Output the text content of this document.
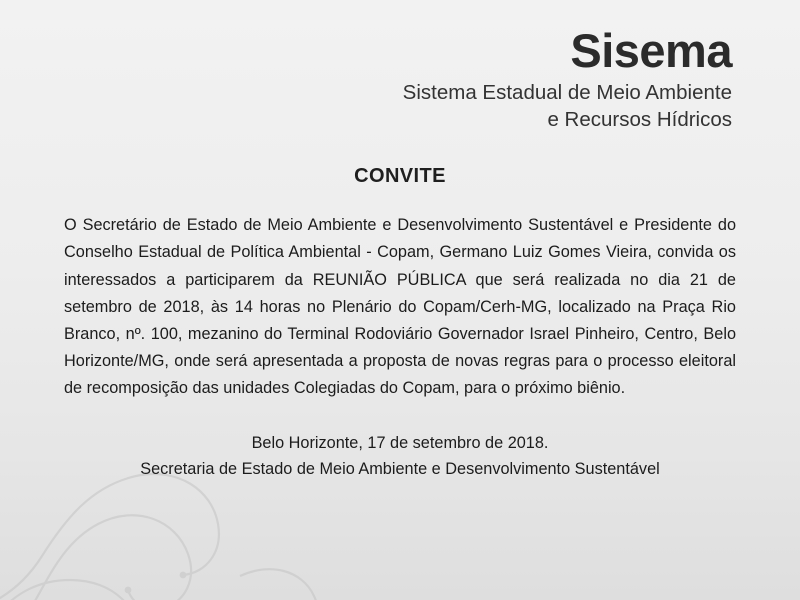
Sisema
Sistema Estadual de Meio Ambiente
e Recursos Hídricos
CONVITE
O Secretário de Estado de Meio Ambiente e Desenvolvimento Sustentável e Presidente do Conselho Estadual de Política Ambiental - Copam, Germano Luiz Gomes Vieira, convida os interessados a participarem da REUNIÃO PÚBLICA que será realizada no dia 21 de setembro de 2018, às 14 horas no Plenário do Copam/Cerh-MG, localizado na Praça Rio Branco, nº. 100, mezanino do Terminal Rodoviário Governador Israel Pinheiro, Centro, Belo Horizonte/MG, onde será apresentada a proposta de novas regras para o processo eleitoral de recomposição das unidades Colegiadas do Copam, para o próximo biênio.
Belo Horizonte, 17 de setembro de 2018.
Secretaria de Estado de Meio Ambiente e Desenvolvimento Sustentável
